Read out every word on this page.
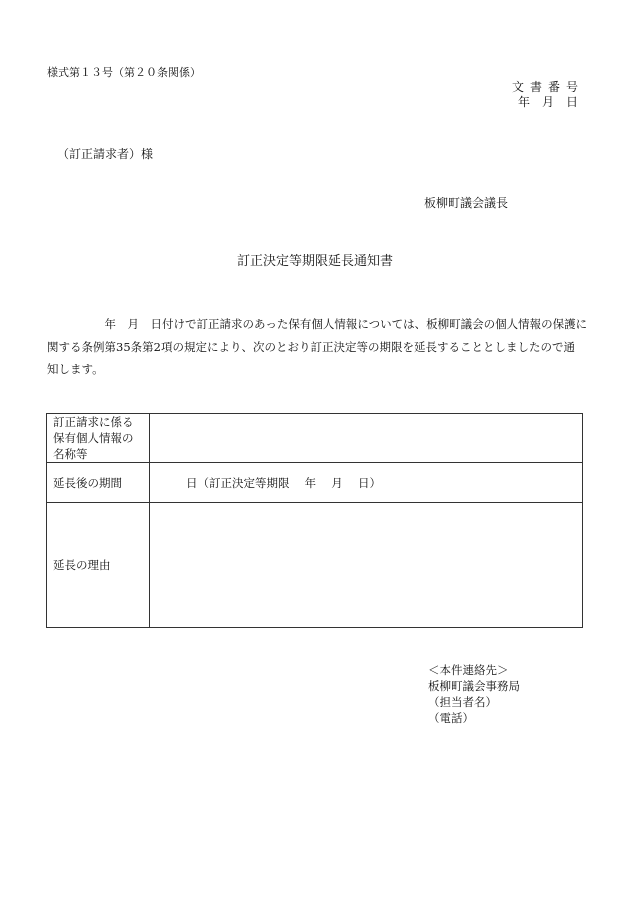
様式第１３号（第２０条関係）
文 書 番 号
年 月 日
（訂正請求者）様
板柳町議会議長
訂正決定等期限延長通知書
　　　　　年　月　日付けで訂正請求のあった保有個人情報については、板柳町議会の個人情報の保護に
関する条例第35条第2項の規定により、次のとおり訂正決定等の期限を延長することとしましたので通
知します。
訂正請求に係る保有個人情報の名称等	
延長後の期間	日（訂正決定等期限　 年　 月　 日）
延長の理由	
＜本件連絡先＞
板柳町議会事務局
（担当者名）
（電話）
